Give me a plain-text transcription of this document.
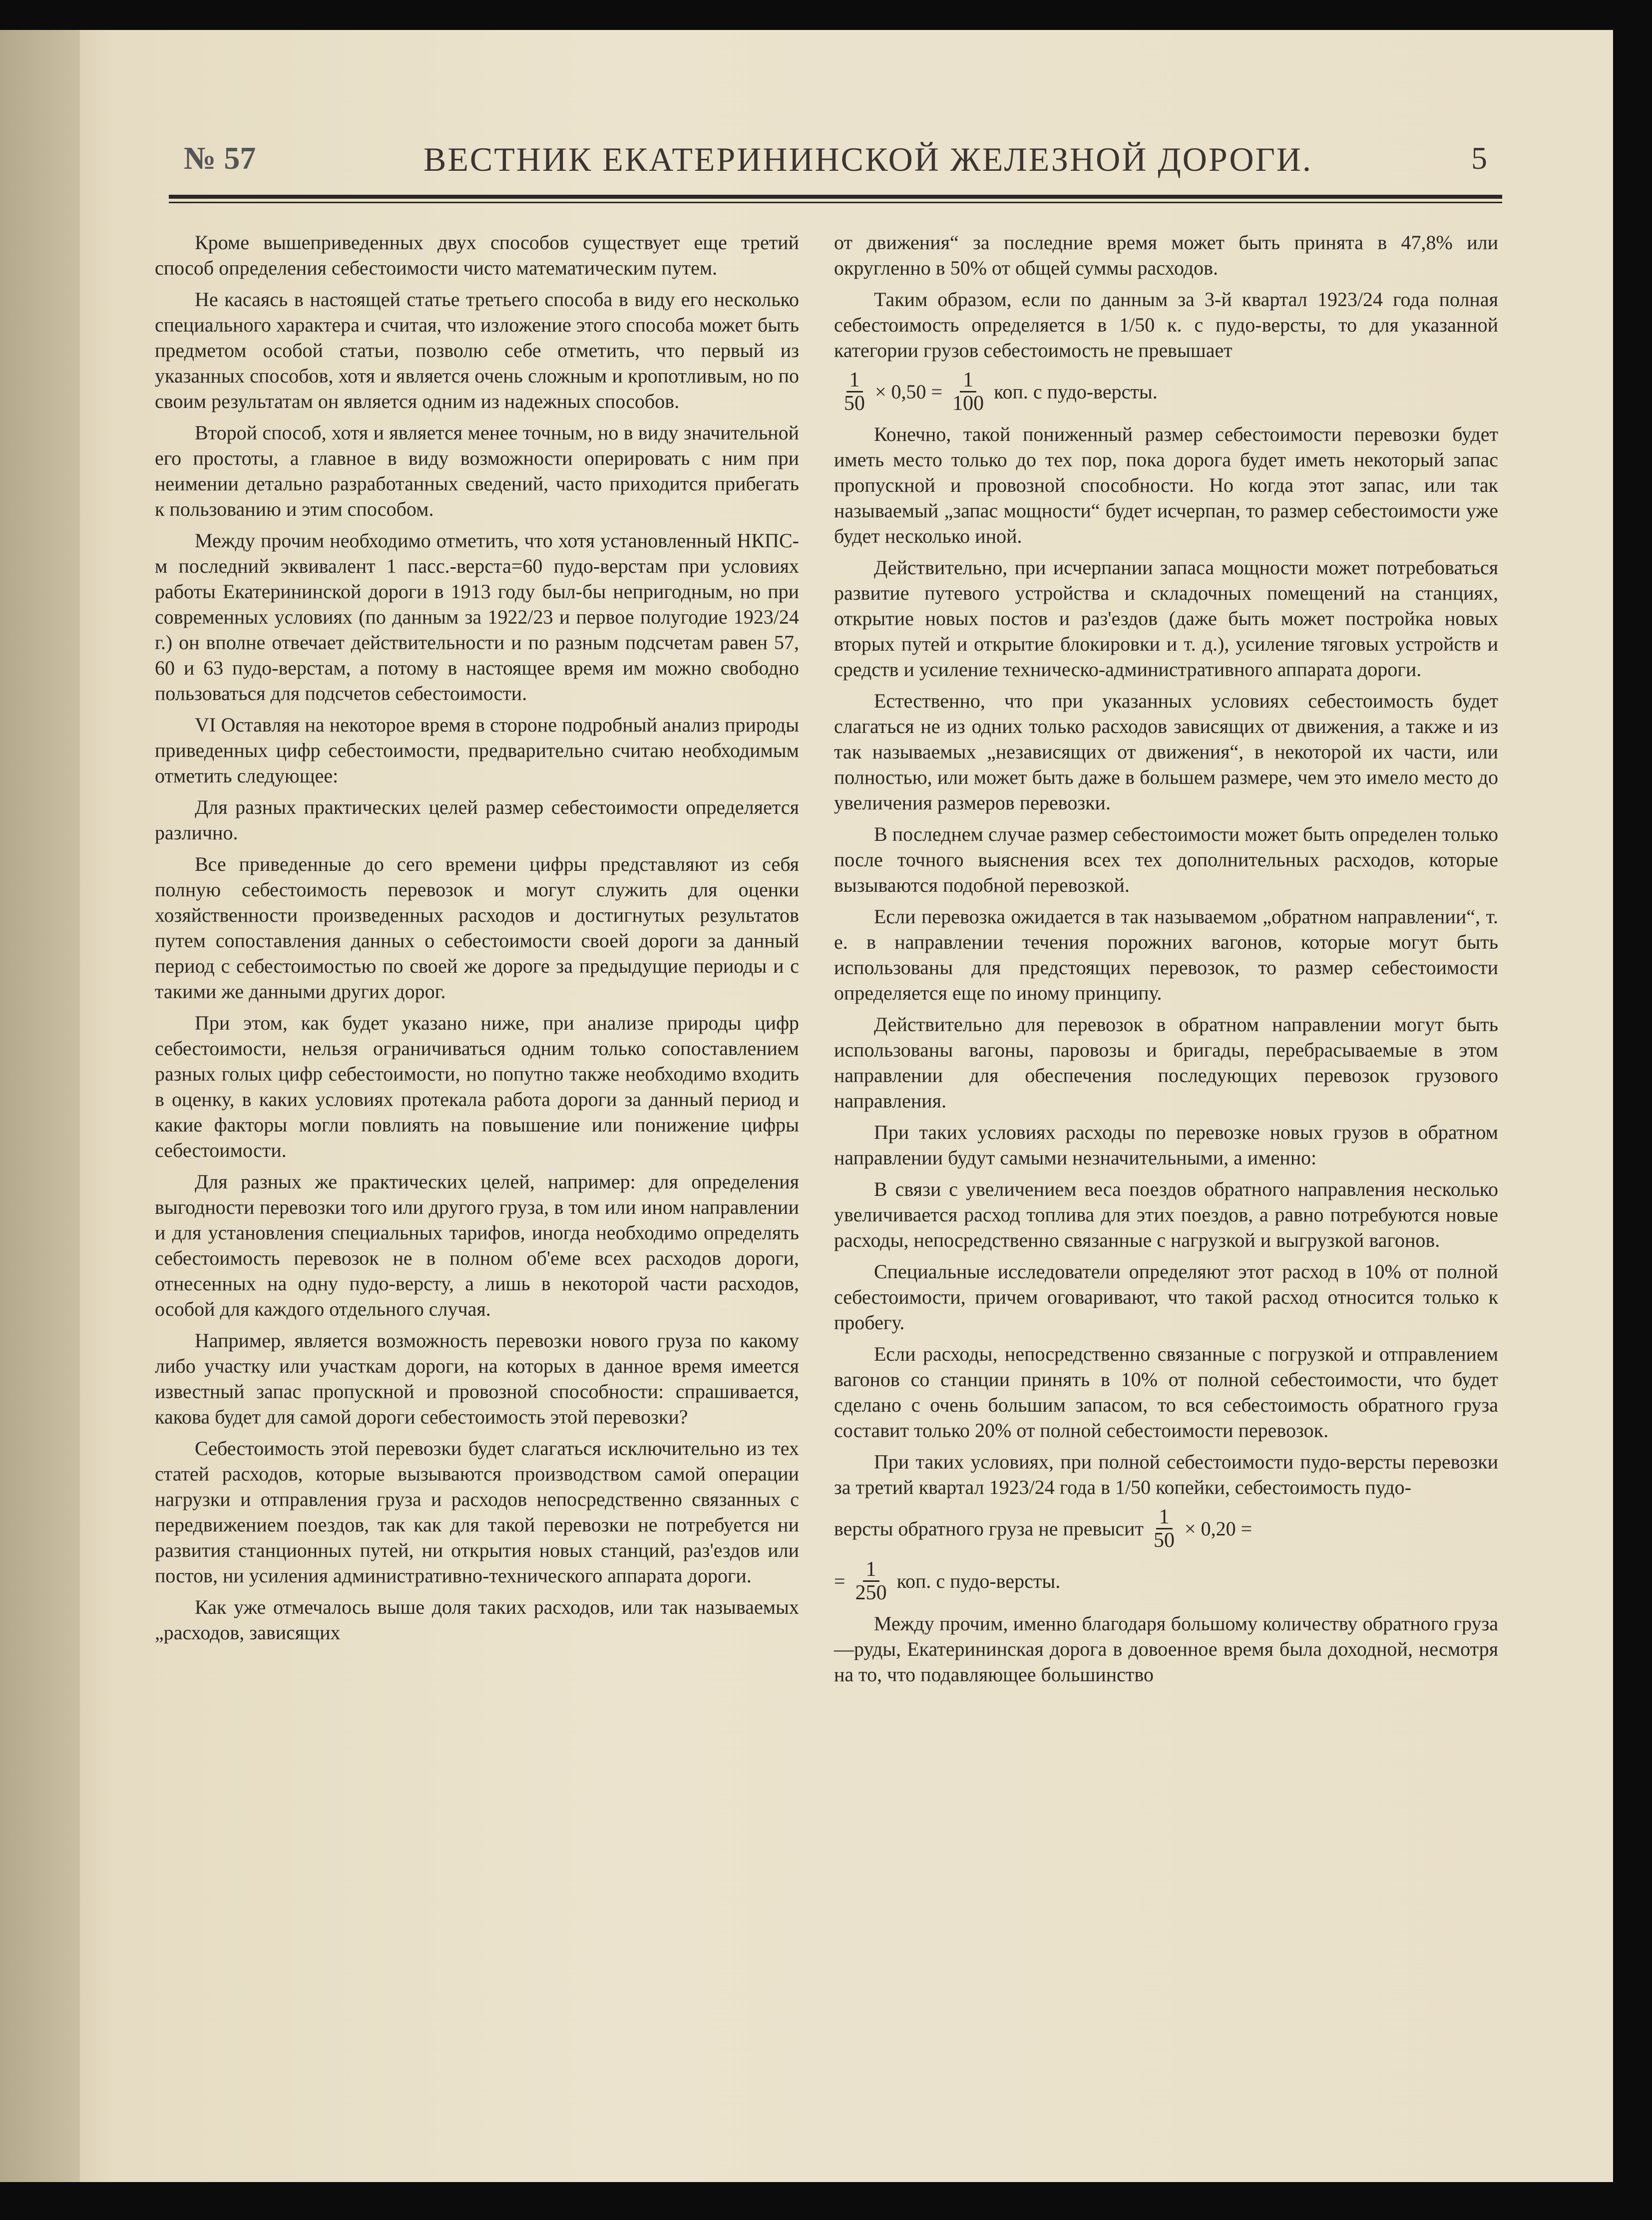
№ 57	ВЕСТНИК ЕКАТЕРИНИНСКОЙ ЖЕЛЕЗНОЙ ДОРОГИ.	5

Кроме вышеприведенных двух способов существует еще третий способ определения себестоимости чисто математическим путем.

Не касаясь в настоящей статье третьего способа в виду его несколько специального характера и считая, что изложение этого способа может быть предметом особой статьи, позволю себе отметить, что первый из указанных способов, хотя и является очень сложным и кропотливым, но по своим результатам он является одним из надежных способов.

Второй способ, хотя и является менее точным, но в виду значительной его простоты, а главное в виду возможности оперировать с ним при неимении детально разработанных сведений, часто приходится прибегать к пользованию и этим способом.

Между прочим необходимо отметить, что хотя установленный НКПС-м последний эквивалент 1 пасс.-верста=60 пудо-верстам при условиях работы Екатерининской дороги в 1913 году был-бы непригодным, но при современных условиях (по данным за 1922/23 и первое полугодие 1923/24 г.) он вполне отвечает действительности и по разным подсчетам равен 57, 60 и 63 пудо-верстам, а потому в настоящее время им можно свободно пользоваться для подсчетов себестоимости.

VI Оставляя на некоторое время в стороне подробный анализ природы приведенных цифр себестоимости, предварительно считаю необходимым отметить следующее:

Для разных практических целей размер себестоимости определяется различно.

Все приведенные до сего времени цифры представляют из себя полную себестоимость перевозок и могут служить для оценки хозяйственности произведенных расходов и достигнутых результатов путем сопоставления данных о себестоимости своей дороги за данный период с себестоимостью по своей же дороге за предыдущие периоды и с такими же данными других дорог.

При этом, как будет указано ниже, при анализе природы цифр себестоимости, нельзя ограничиваться одним только сопоставлением разных голых цифр себестоимости, но попутно также необходимо входить в оценку, в каких условиях протекала работа дороги за данный период и какие факторы могли повлиять на повышение или понижение цифры себестоимости.

Для разных же практических целей, например: для определения выгодности перевозки того или другого груза, в том или ином направлении и для установления специальных тарифов, иногда необходимо определять себестоимость перевозок не в полном об'еме всех расходов дороги, отнесенных на одну пудо-версту, а лишь в некоторой части расходов, особой для каждого отдельного случая.

Например, является возможность перевозки нового груза по какому либо участку или участкам дороги, на которых в данное время имеется известный запас пропускной и провозной способности: спрашивается, какова будет для самой дороги себестоимость этой перевозки?

Себестоимость этой перевозки будет слагаться исключительно из тех статей расходов, которые вызываются производством самой операции нагрузки и отправления груза и расходов непосредственно связанных с передвижением поездов, так как для такой перевозки не потребуется ни развития станционных путей, ни открытия новых станций, раз'ездов или постов, ни усиления административно-технического аппарата дороги.

Как уже отмечалось выше доля таких расходов, или так называемых „расходов, зависящих

от движения“ за последние время может быть принята в 47,8% или округленно в 50% от общей суммы расходов.

Таким образом, если по данным за 3-й квартал 1923/24 года полная себестоимость определяется в 1/50 к. с пудо-версты, то для указанной категории грузов себестоимость не превышает

$\frac{1}{50} \times 0,50 = \frac{1}{100}$ коп. с пудо-версты.

Конечно, такой пониженный размер себестоимости перевозки будет иметь место только до тех пор, пока дорога будет иметь некоторый запас пропускной и провозной способности. Но когда этот запас, или так называемый „запас мощности“ будет исчерпан, то размер себестоимости уже будет несколько иной.

Действительно, при исчерпании запаса мощности может потребоваться развитие путевого устройства и складочных помещений на станциях, открытие новых постов и раз'ездов (даже быть может постройка новых вторых путей и открытие блокировки и т. д.), усиление тяговых устройств и средств и усиление техническо-административного аппарата дороги.

Естественно, что при указанных условиях себестоимость будет слагаться не из одних только расходов зависящих от движения, а также и из так называемых „независящих от движения“, в некоторой их части, или полностью, или может быть даже в большем размере, чем это имело место до увеличения размеров перевозки.

В последнем случае размер себестоимости может быть определен только после точного выяснения всех тех дополнительных расходов, которые вызываются подобной перевозкой.

Если перевозка ожидается в так называемом „обратном направлении“, т. е. в направлении течения порожних вагонов, которые могут быть использованы для предстоящих перевозок, то размер себестоимости определяется еще по иному принципу.

Действительно для перевозок в обратном направлении могут быть использованы вагоны, паровозы и бригады, перебрасываемые в этом направлении для обеспечения последующих перевозок грузового направления.

При таких условиях расходы по перевозке новых грузов в обратном направлении будут самыми незначительными, а именно:

В связи с увеличением веса поездов обратного направления несколько увеличивается расход топлива для этих поездов, а равно потребуются новые расходы, непосредственно связанные с нагрузкой и выгрузкой вагонов.

Специальные исследователи определяют этот расход в 10% от полной себестоимости, причем оговаривают, что такой расход относится только к пробегу.

Если расходы, непосредственно связанные с погрузкой и отправлением вагонов со станции принять в 10% от полной себестоимости, что будет сделано с очень большим запасом, то вся себестоимость обратного груза составит только 20% от полной себестоимости перевозок.

При таких условиях, при полной себестоимости пудо-версты перевозки за третий квартал 1923/24 года в 1/50 копейки, себестоимость пудо-

версты обратного груза не превысит $\frac{1}{50} \times 0,20$ =
= $\frac{1}{250}$ коп. с пудо-версты.

Между прочим, именно благодаря большому количеству обратного груза—руды, Екатерининская дорога в довоенное время была доходной, несмотря на то, что подавляющее большинство
